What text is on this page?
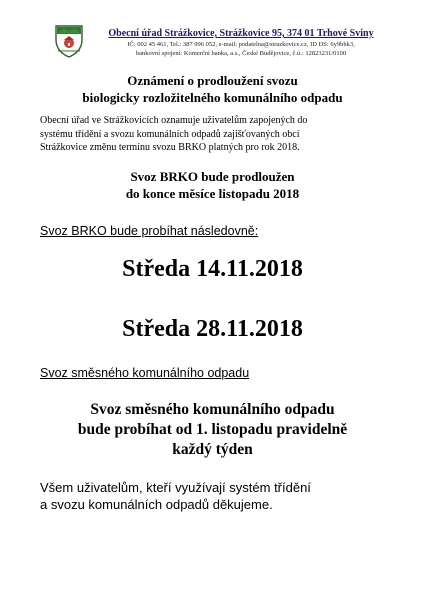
Obecní úřad Strážkovice, Strážkovice 95, 374 01 Trhové Sviny
IČ: 002 45 461, Tel.: 387 996 052, e-mail: podatelna@strazkovice.cz, ID DS: 6y9bhk3,
bankovní spojení: Komerční banka, a.s., České Budějovice, č.ú.: 12823231/0100
Oznámení o prodloužení svozu
biologicky rozložitelného komunálního odpadu
Obecní úřad ve Strážkovicích oznamuje uživatelům zapojených do
systému třídění a svozu komunálních odpadů zajišťovaných obcí
Strážkovice změnu termínu svozu BRKO platných pro rok 2018.
Svoz BRKO bude prodloužen
do konce měsíce listopadu 2018
Svoz BRKO bude probíhat následovně:
Středa 14.11.2018
Středa 28.11.2018
Svoz směsného komunálního odpadu
Svoz směsného komunálního odpadu
bude probíhat od 1. listopadu pravidelně
každý týden
Všem uživatelům, kteří využívají systém třídění
a svozu komunálních odpadů děkujeme.
